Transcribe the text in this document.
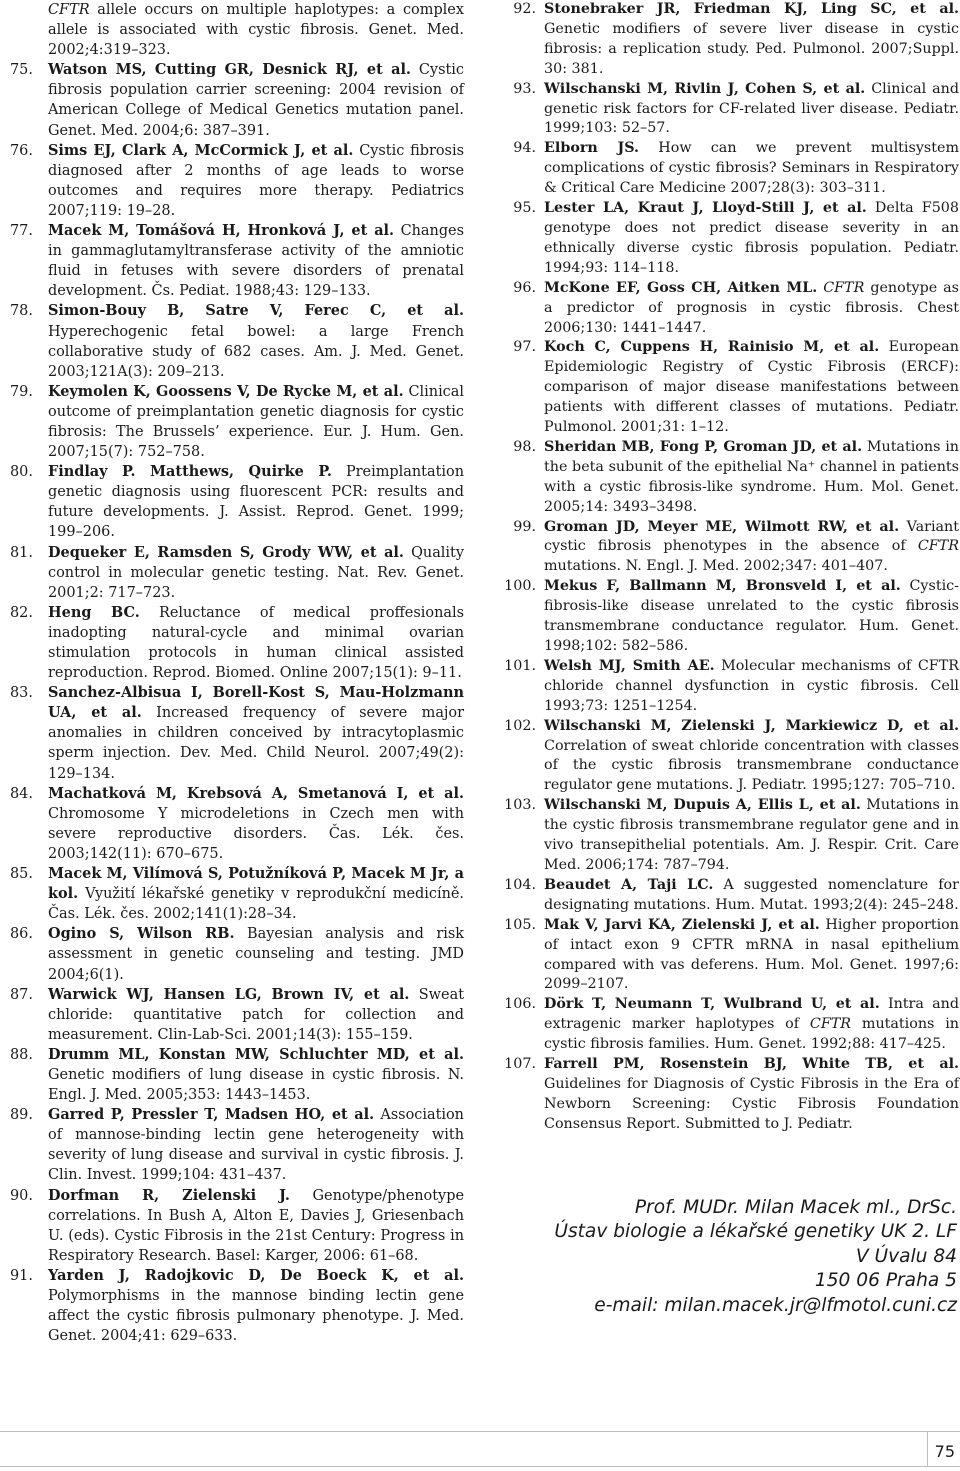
CFTR allele occurs on multiple haplotypes: a complex allele is associated with cystic fibrosis. Genet. Med. 2002;4:319–323.
75. Watson MS, Cutting GR, Desnick RJ, et al. Cystic fibrosis population carrier screening: 2004 revision of American College of Medical Genetics mutation panel. Genet. Med. 2004;6: 387–391.
76. Sims EJ, Clark A, McCormick J, et al. Cystic fibrosis diagnosed after 2 months of age leads to worse outcomes and requires more therapy. Pediatrics 2007;119: 19–28.
77. Macek M, Tomášová H, Hronková J, et al. Changes in gammaglutamyltransferase activity of the amniotic fluid in fetuses with severe disorders of prenatal development. Čs. Pediat. 1988;43: 129–133.
78. Simon-Bouy B, Satre V, Ferec C, et al. Hyperechogenic fetal bowel: a large French collaborative study of 682 cases. Am. J. Med. Genet. 2003;121A(3): 209–213.
79. Keymolen K, Goossens V, De Rycke M, et al. Clinical outcome of preimplantation genetic diagnosis for cystic fibrosis: The Brussels’ experience. Eur. J. Hum. Gen. 2007;15(7): 752–758.
80. Findlay P. Matthews, Quirke P. Preimplantation genetic diagnosis using fluorescent PCR: results and future developments. J. Assist. Reprod. Genet. 1999; 199–206.
81. Dequeker E, Ramsden S, Grody WW, et al. Quality control in molecular genetic testing. Nat. Rev. Genet. 2001;2: 717–723.
82. Heng BC. Reluctance of medical proffesionals inadopting natural-cycle and minimal ovarian stimulation protocols in human clinical assisted reproduction. Reprod. Biomed. Online 2007;15(1): 9–11.
83. Sanchez-Albisua I, Borell-Kost S, Mau-Holzmann UA, et al. Increased frequency of severe major anomalies in children conceived by intracytoplasmic sperm injection. Dev. Med. Child Neurol. 2007;49(2): 129–134.
84. Machatková M, Krebsová A, Smetanová I, et al. Chromosome Y microdeletions in Czech men with severe reproductive disorders. Čas. Lék. čes. 2003;142(11): 670–675.
85. Macek M, Vilímová S, Potužníková P, Macek M Jr, a kol. Využití lékařské genetiky v reprodukční medicíně. Čas. Lék. čes. 2002;141(1):28–34.
86. Ogino S, Wilson RB. Bayesian analysis and risk assessment in genetic counseling and testing. JMD 2004;6(1).
87. Warwick WJ, Hansen LG, Brown IV, et al. Sweat chloride: quantitative patch for collection and measurement. Clin-Lab-Sci. 2001;14(3): 155–159.
88. Drumm ML, Konstan MW, Schluchter MD, et al. Genetic modifiers of lung disease in cystic fibrosis. N. Engl. J. Med. 2005;353: 1443–1453.
89. Garred P, Pressler T, Madsen HO, et al. Association of mannose-binding lectin gene heterogeneity with severity of lung disease and survival in cystic fibrosis. J. Clin. Invest. 1999;104: 431–437.
90. Dorfman R, Zielenski J. Genotype/phenotype correlations. In Bush A, Alton E, Davies J, Griesenbach U. (eds). Cystic Fibrosis in the 21st Century: Progress in Respiratory Research. Basel: Karger, 2006: 61–68.
91. Yarden J, Radojkovic D, De Boeck K, et al. Polymorphisms in the mannose binding lectin gene affect the cystic fibrosis pulmonary phenotype. J. Med. Genet. 2004;41: 629–633.
92. Stonebraker JR, Friedman KJ, Ling SC, et al. Genetic modifiers of severe liver disease in cystic fibrosis: a replication study. Ped. Pulmonol. 2007;Suppl. 30: 381.
93. Wilschanski M, Rivlin J, Cohen S, et al. Clinical and genetic risk factors for CF-related liver disease. Pediatr. 1999;103: 52–57.
94. Elborn JS. How can we prevent multisystem complications of cystic fibrosis? Seminars in Respiratory & Critical Care Medicine 2007;28(3): 303–311.
95. Lester LA, Kraut J, Lloyd-Still J, et al. Delta F508 genotype does not predict disease severity in an ethnically diverse cystic fibrosis population. Pediatr. 1994;93: 114–118.
96. McKone EF, Goss CH, Aitken ML. CFTR genotype as a predictor of prognosis in cystic fibrosis. Chest 2006;130: 1441–1447.
97. Koch C, Cuppens H, Rainisio M, et al. European Epidemiologic Registry of Cystic Fibrosis (ERCF): comparison of major disease manifestations between patients with different classes of mutations. Pediatr. Pulmonol. 2001;31: 1–12.
98. Sheridan MB, Fong P, Groman JD, et al. Mutations in the beta subunit of the epithelial Na⁺ channel in patients with a cystic fibrosis-like syndrome. Hum. Mol. Genet. 2005;14: 3493–3498.
99. Groman JD, Meyer ME, Wilmott RW, et al. Variant cystic fibrosis phenotypes in the absence of CFTR mutations. N. Engl. J. Med. 2002;347: 401–407.
100. Mekus F, Ballmann M, Bronsveld I, et al. Cystic-fibrosis-like disease unrelated to the cystic fibrosis transmembrane conductance regulator. Hum. Genet. 1998;102: 582–586.
101. Welsh MJ, Smith AE. Molecular mechanisms of CFTR chloride channel dysfunction in cystic fibrosis. Cell 1993;73: 1251–1254.
102. Wilschanski M, Zielenski J, Markiewicz D, et al. Correlation of sweat chloride concentration with classes of the cystic fibrosis transmembrane conductance regulator gene mutations. J. Pediatr. 1995;127: 705–710.
103. Wilschanski M, Dupuis A, Ellis L, et al. Mutations in the cystic fibrosis transmembrane regulator gene and in vivo transepithelial potentials. Am. J. Respir. Crit. Care Med. 2006;174: 787–794.
104. Beaudet A, Taji LC. A suggested nomenclature for designating mutations. Hum. Mutat. 1993;2(4): 245–248.
105. Mak V, Jarvi KA, Zielenski J, et al. Higher proportion of intact exon 9 CFTR mRNA in nasal epithelium compared with vas deferens. Hum. Mol. Genet. 1997;6: 2099–2107.
106. Dörk T, Neumann T, Wulbrand U, et al. Intra and extragenic marker haplotypes of CFTR mutations in cystic fibrosis families. Hum. Genet. 1992;88: 417–425.
107. Farrell PM, Rosenstein BJ, White TB, et al. Guidelines for Diagnosis of Cystic Fibrosis in the Era of Newborn Screening: Cystic Fibrosis Foundation Consensus Report. Submitted to J. Pediatr.
Prof. MUDr. Milan Macek ml., DrSc.
Ústav biologie a lékařské genetiky UK 2. LF
V Úvalu 84
150 06 Praha 5
e-mail: milan.macek.jr@lfmotol.cuni.cz
75
